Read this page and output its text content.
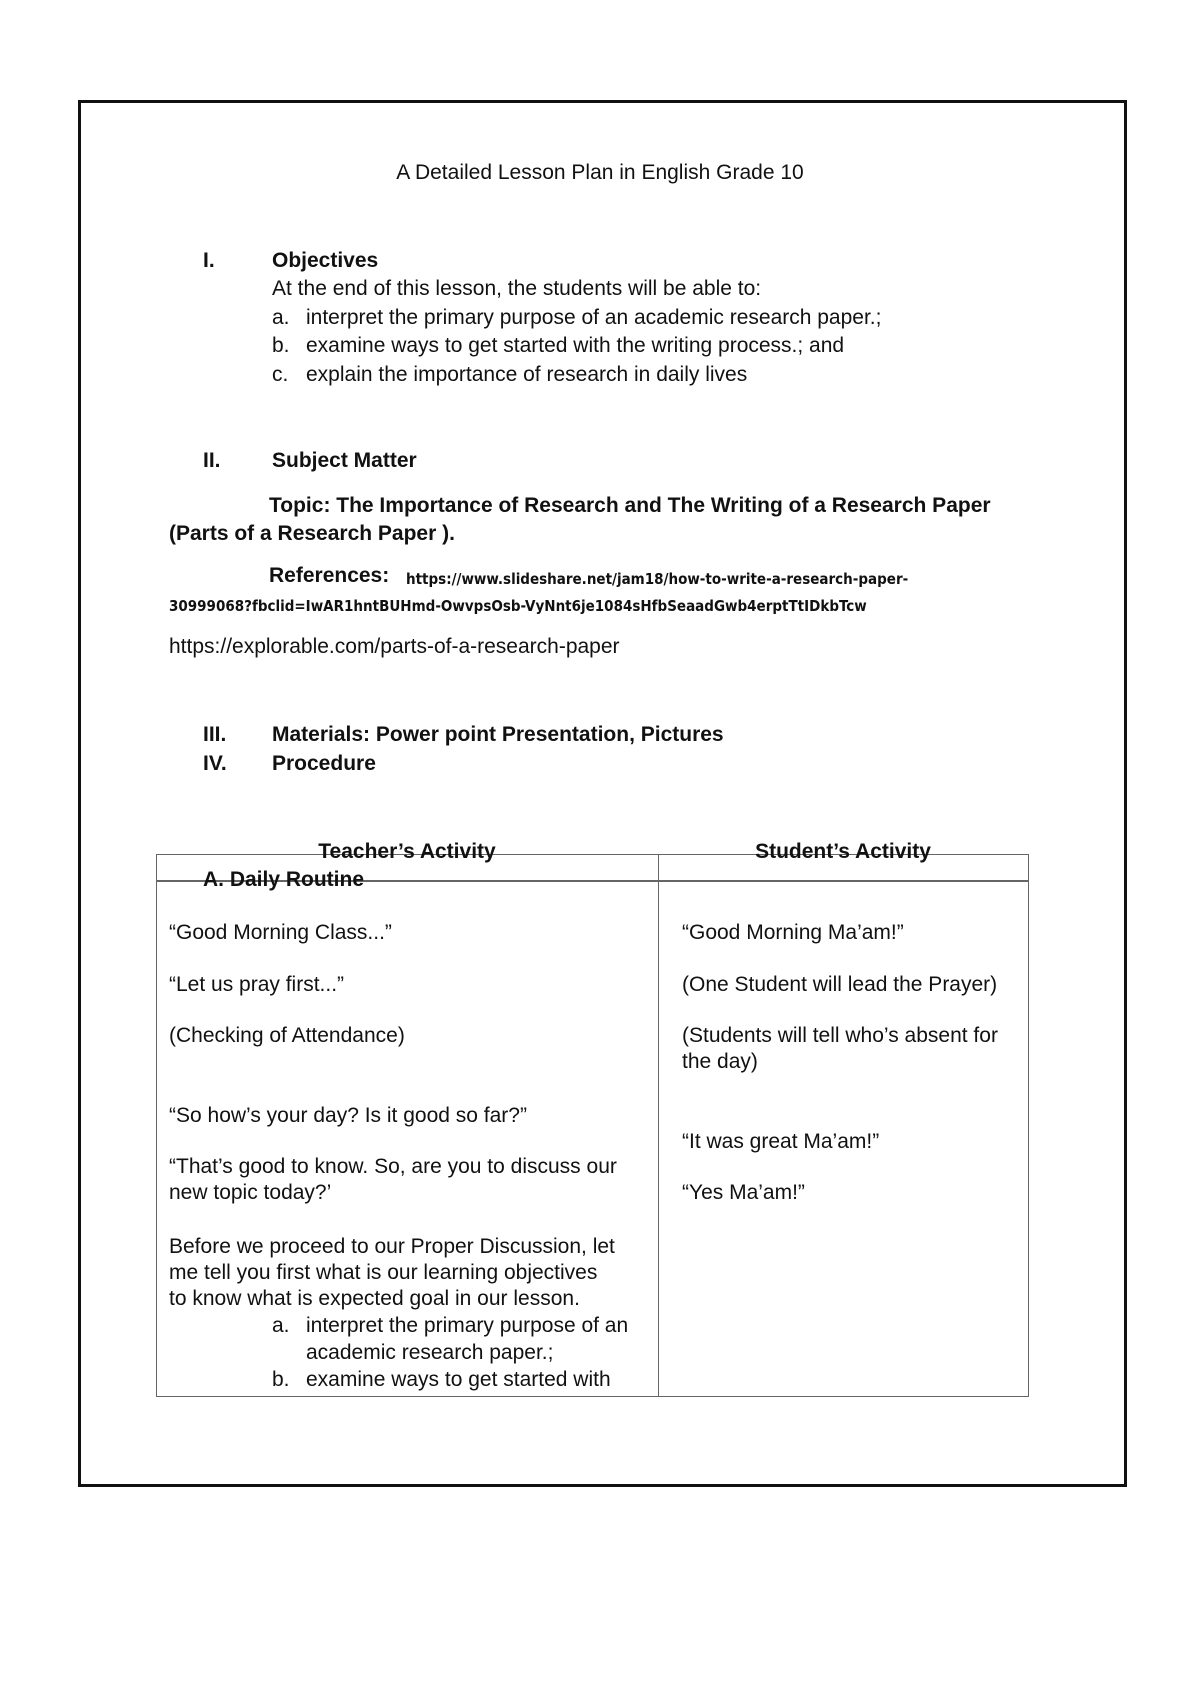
A Detailed Lesson Plan in English Grade 10
I.	Objectives
At the end of this lesson, the students will be able to:
a. interpret the primary purpose of an academic research paper.;
b. examine ways to get started with the writing process.; and
c. explain the importance of research in daily lives
II. Subject Matter
Topic: The Importance of Research and The Writing of a Research Paper
(Parts of a Research Paper ).
References: https://www.slideshare.net/jam18/how-to-write-a-research-paper-
30999068?fbclid=IwAR1hntBUHmd-OwvpsOsb-VyNnt6je1084sHfbSeaadGwb4erptTtIDkbTcw
https://explorable.com/parts-of-a-research-paper
III. Materials: Power point Presentation, Pictures
IV. Procedure
Teacher’s Activity	Student’s Activity
A. Daily Routine
“Good Morning Class...”
“Let us pray first...”
(Checking of Attendance)
“So how’s your day? Is it good so far?”
“That’s good to know. So, are you to discuss our
new topic today?’
Before we proceed to our Proper Discussion, let
me tell you first what is our learning objectives
to know what is expected goal in our lesson.
a. interpret the primary purpose of an
academic research paper.;
b. examine ways to get started with
“Good Morning Ma’am!”
(One Student will lead the Prayer)
(Students will tell who’s absent for
the day)
“It was great Ma’am!”
“Yes Ma’am!”
